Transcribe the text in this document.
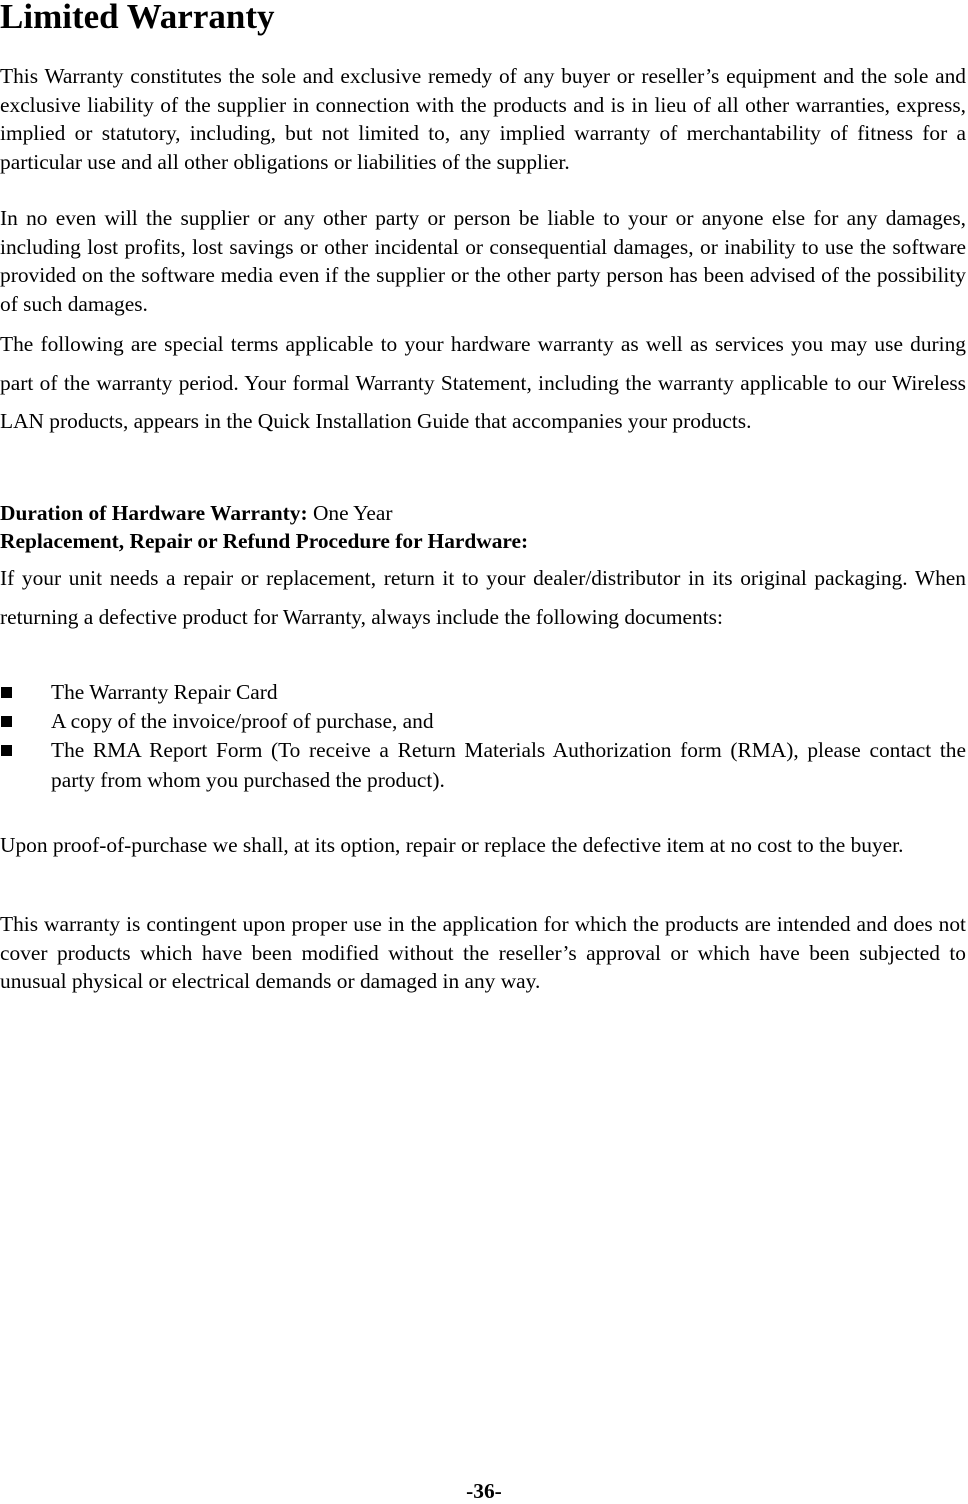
Limited Warranty

This Warranty constitutes the sole and exclusive remedy of any buyer or reseller’s equipment and the sole and exclusive liability of the supplier in connection with the products and is in lieu of all other warranties, express, implied or statutory, including, but not limited to, any implied warranty of merchantability of fitness for a particular use and all other obligations or liabilities of the supplier.

In no even will the supplier or any other party or person be liable to your or anyone else for any damages, including lost profits, lost savings or other incidental or consequential damages, or inability to use the software provided on the software media even if the supplier or the other party person has been advised of the possibility of such damages.

The following are special terms applicable to your hardware warranty as well as services you may use during part of the warranty period. Your formal Warranty Statement, including the warranty applicable to our Wireless LAN products, appears in the Quick Installation Guide that accompanies your products.

Duration of Hardware Warranty: One Year
Replacement, Repair or Refund Procedure for Hardware:

If your unit needs a repair or replacement, return it to your dealer/distributor in its original packaging. When returning a defective product for Warranty, always include the following documents:

The Warranty Repair Card
A copy of the invoice/proof of purchase, and
The RMA Report Form (To receive a Return Materials Authorization form (RMA), please contact the party from whom you purchased the product).

Upon proof-of-purchase we shall, at its option, repair or replace the defective item at no cost to the buyer.

This warranty is contingent upon proper use in the application for which the products are intended and does not cover products which have been modified without the reseller’s approval or which have been subjected to unusual physical or electrical demands or damaged in any way.

-36-
